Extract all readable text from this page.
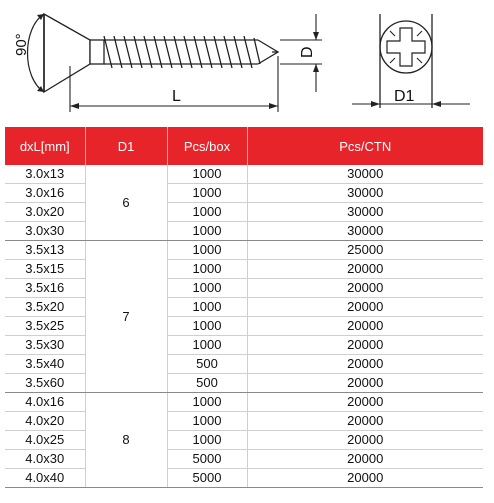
90°	D
L	D1
dxL[mm]	D1	Pcs/box	Pcs/CTN
3.0x13	6	1000	30000
3.0x16		1000	30000
3.0x20		1000	30000
3.0x30		1000	30000
3.5x13	7	1000	25000
3.5x15		1000	20000
3.5x16		1000	20000
3.5x20		1000	20000
3.5x25		1000	20000
3.5x30		1000	20000
3.5x40		500	20000
3.5x60		500	20000
4.0x16	8	1000	20000
4.0x20		1000	20000
4.0x25		1000	20000
4.0x30		5000	20000
4.0x40		5000	20000
